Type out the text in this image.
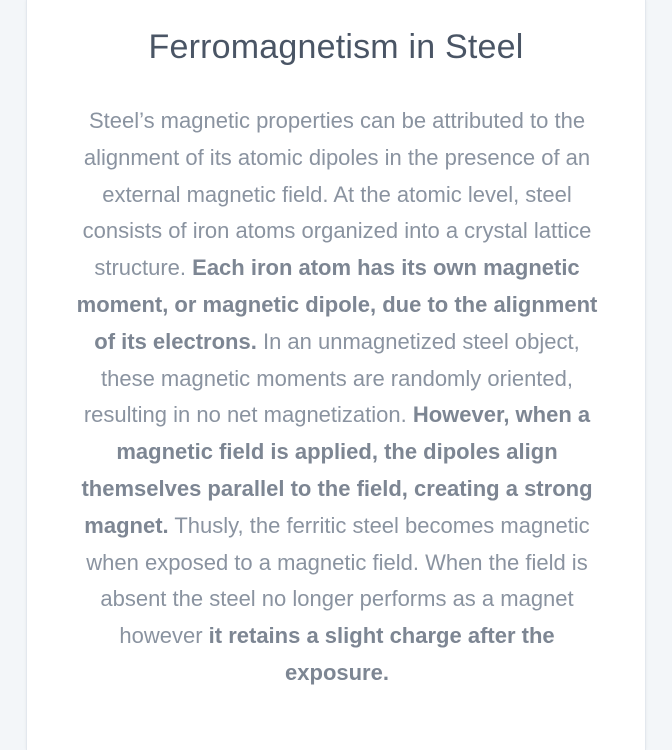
Ferromagnetism in Steel

Steel’s magnetic properties can be attributed to the alignment of its atomic dipoles in the presence of an external magnetic field. At the atomic level, steel consists of iron atoms organized into a crystal lattice structure. Each iron atom has its own magnetic moment, or magnetic dipole, due to the alignment of its electrons. In an unmagnetized steel object, these magnetic moments are randomly oriented, resulting in no net magnetization. However, when a magnetic field is applied, the dipoles align themselves parallel to the field, creating a strong magnet. Thusly, the ferritic steel becomes magnetic when exposed to a magnetic field. When the field is absent the steel no longer performs as a magnet however it retains a slight charge after the exposure.
